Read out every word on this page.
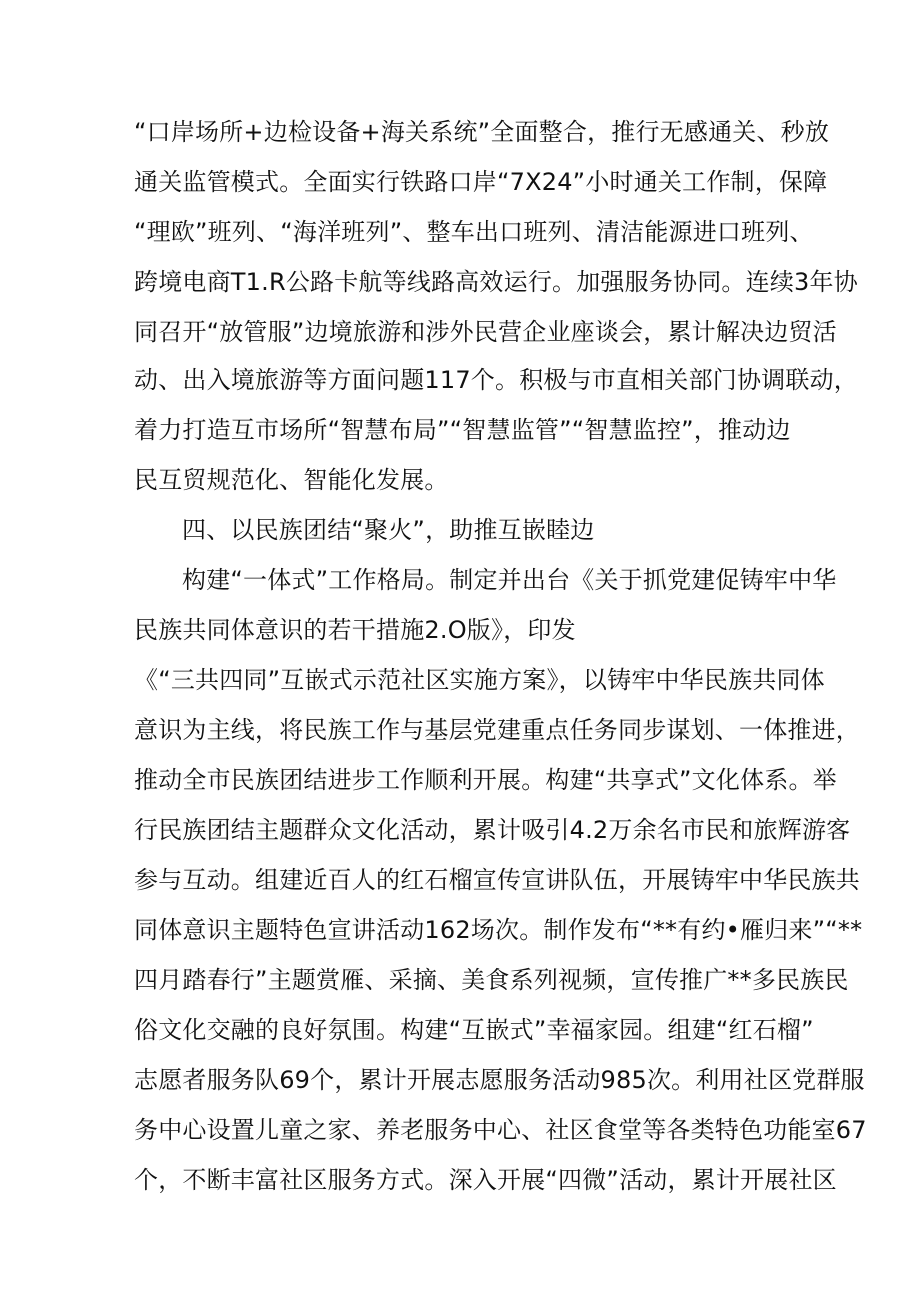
“口岸场所+边检设备+海关系统”全面整合，推行无感通关、秒放
通关监管模式。全面实行铁路口岸“7X24”小时通关工作制，保障
“理欧”班列、“海洋班列”、整车出口班列、清洁能源进口班列、
跨境电商T1.R公路卡航等线路高效运行。加强服务协同。连续3年协
同召开“放管服”边境旅游和涉外民营企业座谈会，累计解决边贸活
动、出入境旅游等方面问题117个。积极与市直相关部门协调联动，
着力打造互市场所“智慧布局”“智慧监管”“智慧监控”，推动边
民互贸规范化、智能化发展。
四、以民族团结“聚火”，助推互嵌睦边
构建“一体式”工作格局。制定并出台《关于抓党建促铸牢中华
民族共同体意识的若干措施2.O版》，印发
《“三共四同”互嵌式示范社区实施方案》，以铸牢中华民族共同体
意识为主线，将民族工作与基层党建重点任务同步谋划、一体推进，
推动全市民族团结进步工作顺利开展。构建“共享式”文化体系。举
行民族团结主题群众文化活动，累计吸引4.2万余名市民和旅辉游客
参与互动。组建近百人的红石榴宣传宣讲队伍，开展铸牢中华民族共
同体意识主题特色宣讲活动162场次。制作发布“**有约•雁归来”“**
四月踏春行”主题赏雁、采摘、美食系列视频，宣传推广**多民族民
俗文化交融的良好氛围。构建“互嵌式”幸福家园。组建“红石榴”
志愿者服务队69个，累计开展志愿服务活动985次。利用社区党群服
务中心设置儿童之家、养老服务中心、社区食堂等各类特色功能室67
个，不断丰富社区服务方式。深入开展“四微”活动，累计开展社区
